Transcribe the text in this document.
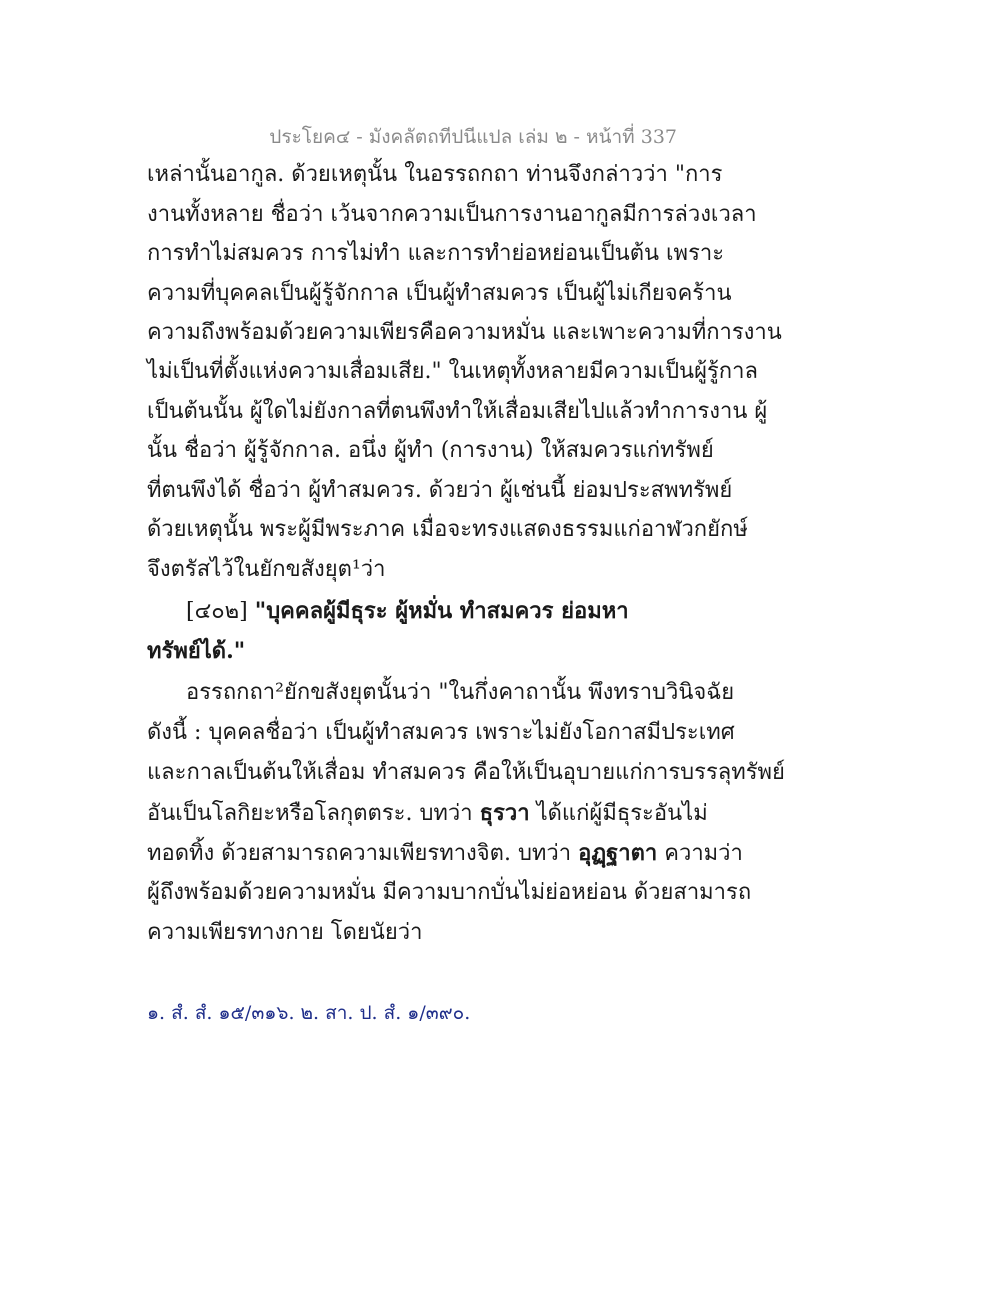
ประโยค๔ - มังคลัตถทีปนีแปล เล่ม ๒ - หน้าที่ 337
เหล่านั้นอากูล. ด้วยเหตุนั้น ในอรรถกถา ท่านจึงกล่าวว่า "การ
งานทั้งหลาย ชื่อว่า เว้นจากความเป็นการงานอากูลมีการล่วงเวลา
การทำไม่สมควร การไม่ทำ และการทำย่อหย่อนเป็นต้น เพราะ
ความที่บุคคลเป็นผู้รู้จักกาล เป็นผู้ทำสมควร เป็นผู้ไม่เกียจคร้าน
ความถึงพร้อมด้วยความเพียรคือความหมั่น และเพาะความที่การงาน
ไม่เป็นที่ตั้งแห่งความเสื่อมเสีย." ในเหตุทั้งหลายมีความเป็นผู้รู้กาล
เป็นต้นนั้น ผู้ใดไม่ยังกาลที่ตนพึงทำให้เสื่อมเสียไปแล้วทำการงาน ผู้
นั้น ชื่อว่า ผู้รู้จักกาล. อนึ่ง ผู้ทำ (การงาน) ให้สมควรแก่ทรัพย์
ที่ตนพึงได้ ชื่อว่า ผู้ทำสมควร. ด้วยว่า ผู้เช่นนี้ ย่อมประสพทรัพย์
ด้วยเหตุนั้น พระผู้มีพระภาค เมื่อจะทรงแสดงธรรมแก่อาฬวกยักษ์
จึงตรัสไว้ในยักขสังยุต¹ว่า
[๔๐๒] "บุคคลผู้มีธุระ ผู้หมั่น ทำสมควร ย่อมหา
ทรัพย์ได้."
อรรถกถา²ยักขสังยุตนั้นว่า "ในกึ่งคาถานั้น พึงทราบวินิจฉัย
ดังนี้ : บุคคลชื่อว่า เป็นผู้ทำสมควร เพราะไม่ยังโอกาสมีประเทศ
และกาลเป็นต้นให้เสื่อม ทำสมควร คือให้เป็นอุบายแก่การบรรลุทรัพย์
อันเป็นโลกิยะหรือโลกุตตระ. บทว่า ธุรวา ได้แก่ผู้มีธุระอันไม่
ทอดทิ้ง ด้วยสามารถความเพียรทางจิต. บทว่า อุฏฺฐาตา ความว่า
ผู้ถึงพร้อมด้วยความหมั่น มีความบากบั่นไม่ย่อหย่อน ด้วยสามารถ
ความเพียรทางกาย โดยนัยว่า
๑. สํ. สํ. ๑๕/๓๑๖. ๒. สา. ป. สํ. ๑/๓๙๐.
